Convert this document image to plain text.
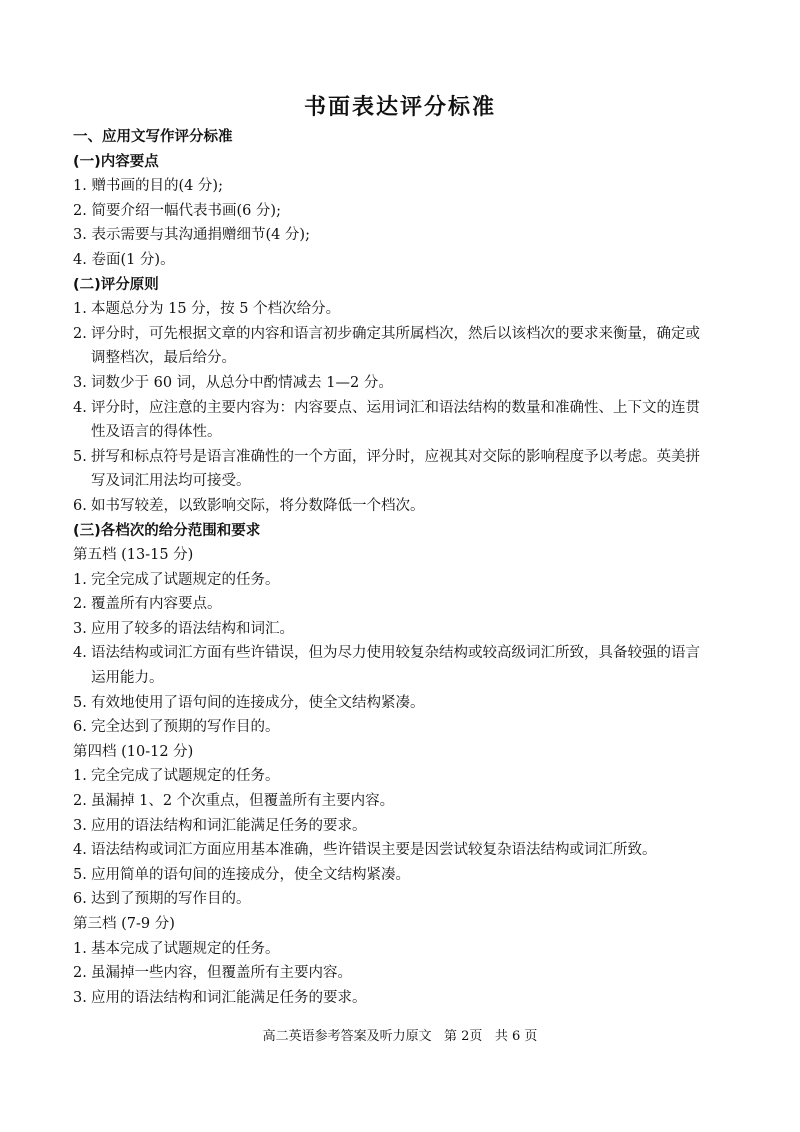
书面表达评分标准
一、应用文写作评分标准
(一)内容要点
1. 赠书画的目的(4 分);
2. 简要介绍一幅代表书画(6 分);
3. 表示需要与其沟通捐赠细节(4 分);
4. 卷面(1 分)。
(二)评分原则
1. 本题总分为 15 分，按 5 个档次给分。
2. 评分时，可先根据文章的内容和语言初步确定其所属档次，然后以该档次的要求来衡量，确定或
调整档次，最后给分。
3. 词数少于 60 词，从总分中酌情减去 1—2 分。
4. 评分时，应注意的主要内容为：内容要点、运用词汇和语法结构的数量和准确性、上下文的连贯
性及语言的得体性。
5. 拼写和标点符号是语言准确性的一个方面，评分时，应视其对交际的影响程度予以考虑。英美拼
写及词汇用法均可接受。
6. 如书写较差，以致影响交际，将分数降低一个档次。
(三)各档次的给分范围和要求
第五档 (13-15 分)
1. 完全完成了试题规定的任务。
2. 覆盖所有内容要点。
3. 应用了较多的语法结构和词汇。
4. 语法结构或词汇方面有些许错误，但为尽力使用较复杂结构或较高级词汇所致，具备较强的语言
运用能力。
5. 有效地使用了语句间的连接成分，使全文结构紧凑。
6. 完全达到了预期的写作目的。
第四档 (10-12 分)
1. 完全完成了试题规定的任务。
2. 虽漏掉 1、2 个次重点，但覆盖所有主要内容。
3. 应用的语法结构和词汇能满足任务的要求。
4. 语法结构或词汇方面应用基本准确，些许错误主要是因尝试较复杂语法结构或词汇所致。
5. 应用简单的语句间的连接成分，使全文结构紧凑。
6. 达到了预期的写作目的。
第三档 (7-9 分)
1. 基本完成了试题规定的任务。
2. 虽漏掉一些内容，但覆盖所有主要内容。
3. 应用的语法结构和词汇能满足任务的要求。
高二英语参考答案及听力原文   第 2页   共 6 页
